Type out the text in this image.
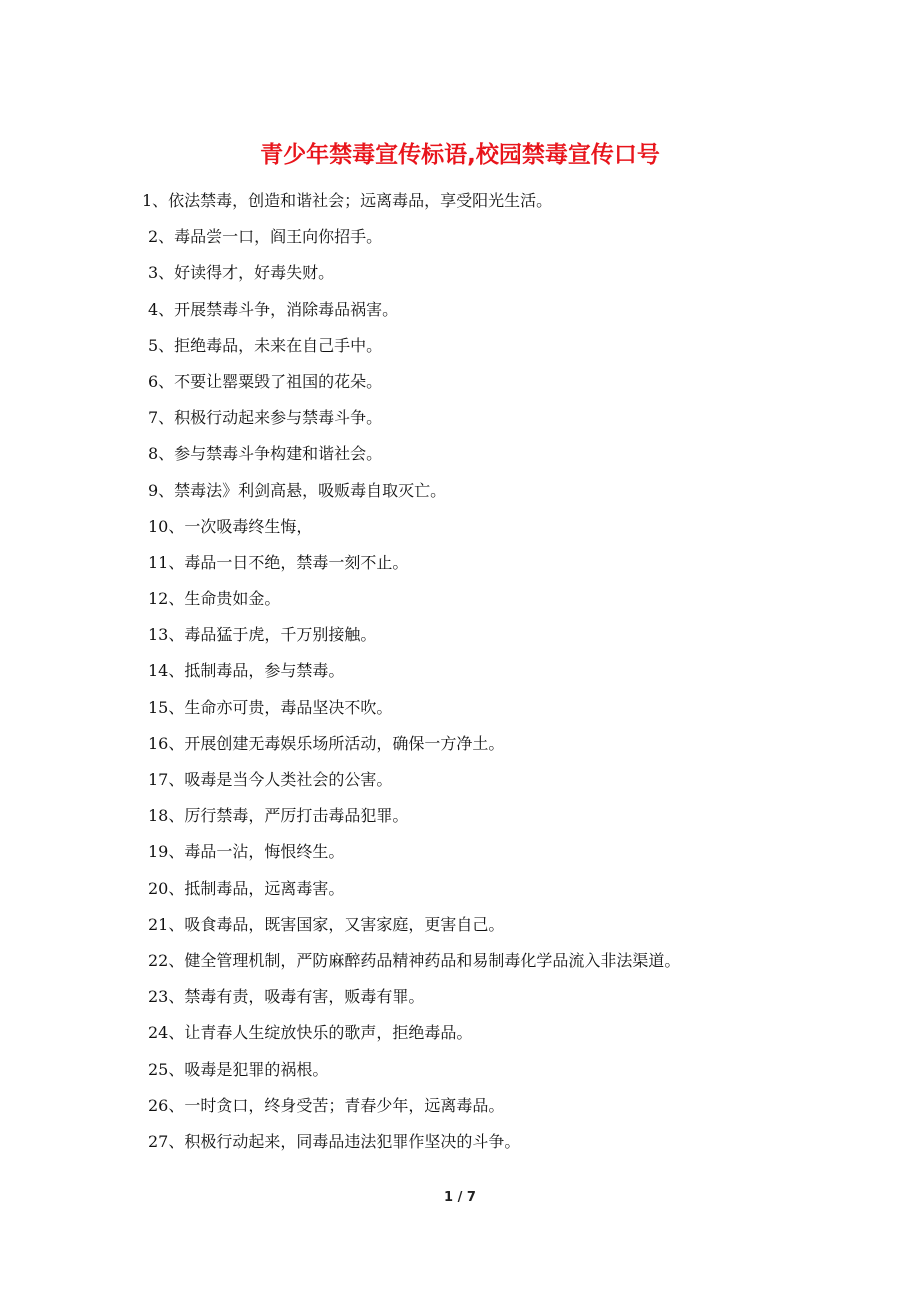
青少年禁毒宣传标语,校园禁毒宣传口号
1、依法禁毒，创造和谐社会；远离毒品，享受阳光生活。
2、毒品尝一口，阎王向你招手。
3、好读得才，好毒失财。
4、开展禁毒斗争，消除毒品祸害。
5、拒绝毒品，未来在自己手中。
6、不要让罂粟毁了祖国的花朵。
7、积极行动起来参与禁毒斗争。
8、参与禁毒斗争构建和谐社会。
9、禁毒法》利剑高悬，吸贩毒自取灭亡。
10、一次吸毒终生悔，
11、毒品一日不绝，禁毒一刻不止。
12、生命贵如金。
13、毒品猛于虎，千万别接触。
14、抵制毒品，参与禁毒。
15、生命亦可贵，毒品坚决不吹。
16、开展创建无毒娱乐场所活动，确保一方净土。
17、吸毒是当今人类社会的公害。
18、厉行禁毒，严厉打击毒品犯罪。
19、毒品一沾，悔恨终生。
20、抵制毒品，远离毒害。
21、吸食毒品，既害国家，又害家庭，更害自己。
22、健全管理机制，严防麻醉药品精神药品和易制毒化学品流入非法渠道。
23、禁毒有责，吸毒有害，贩毒有罪。
24、让青春人生绽放快乐的歌声，拒绝毒品。
25、吸毒是犯罪的祸根。
26、一时贪口，终身受苦；青春少年，远离毒品。
27、积极行动起来，同毒品违法犯罪作坚决的斗争。
1 / 7
